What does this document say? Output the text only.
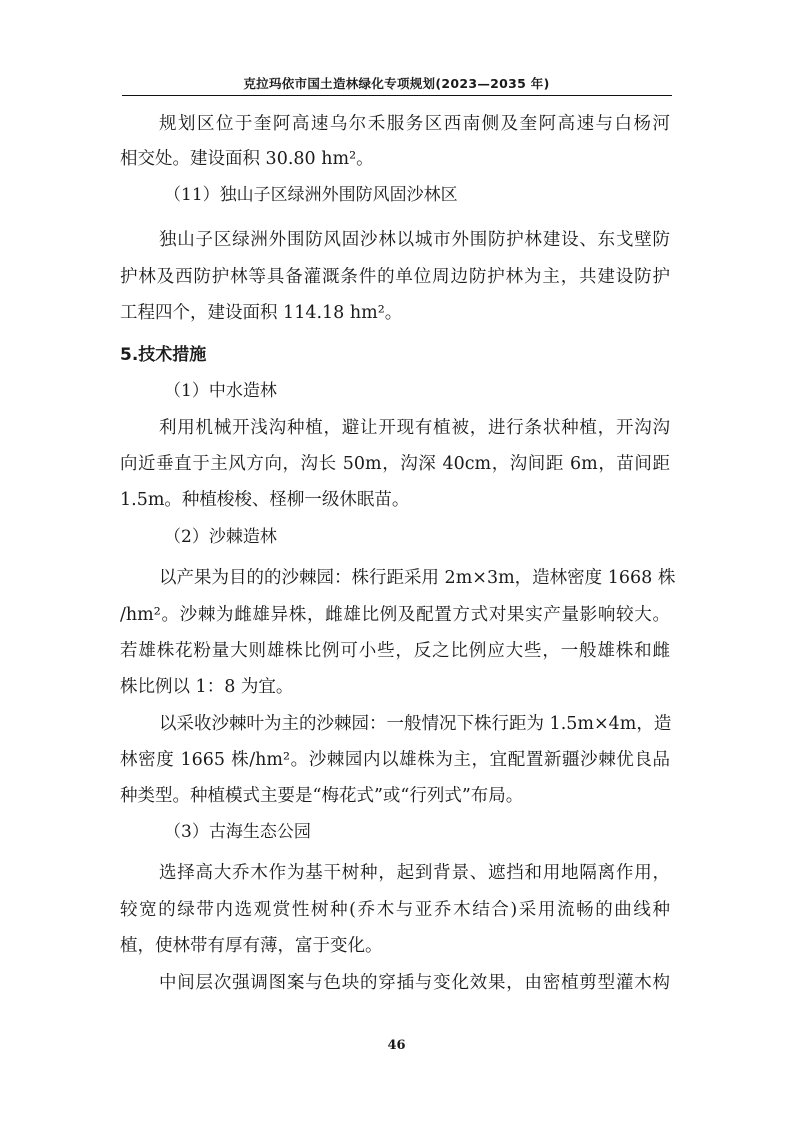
克拉玛依市国土造林绿化专项规划(2023—2035 年)
规划区位于奎阿高速乌尔禾服务区西南侧及奎阿高速与白杨河
相交处。建设面积 30.80 hm²。
（11）独山子区绿洲外围防风固沙林区
独山子区绿洲外围防风固沙林以城市外围防护林建设、东戈壁防
护林及西防护林等具备灌溉条件的单位周边防护林为主，共建设防护
工程四个，建设面积 114.18 hm²。
5.技术措施
（1）中水造林
利用机械开浅沟种植，避让开现有植被，进行条状种植，开沟沟
向近垂直于主风方向，沟长 50m，沟深 40cm，沟间距 6m，苗间距
1.5m。种植梭梭、柽柳一级休眠苗。
（2）沙棘造林
以产果为目的的沙棘园：株行距采用 2m×3m，造林密度 1668 株
/hm²。沙棘为雌雄异株，雌雄比例及配置方式对果实产量影响较大。
若雄株花粉量大则雄株比例可小些，反之比例应大些，一般雄株和雌
株比例以 1：8 为宜。
以采收沙棘叶为主的沙棘园：一般情况下株行距为 1.5m×4m，造
林密度 1665 株/hm²。沙棘园内以雄株为主，宜配置新疆沙棘优良品
种类型。种植模式主要是“梅花式”或“行列式”布局。
（3）古海生态公园
选择高大乔木作为基干树种，起到背景、遮挡和用地隔离作用，
较宽的绿带内选观赏性树种(乔木与亚乔木结合)采用流畅的曲线种
植，使林带有厚有薄，富于变化。
中间层次强调图案与色块的穿插与变化效果，由密植剪型灌木构
46
